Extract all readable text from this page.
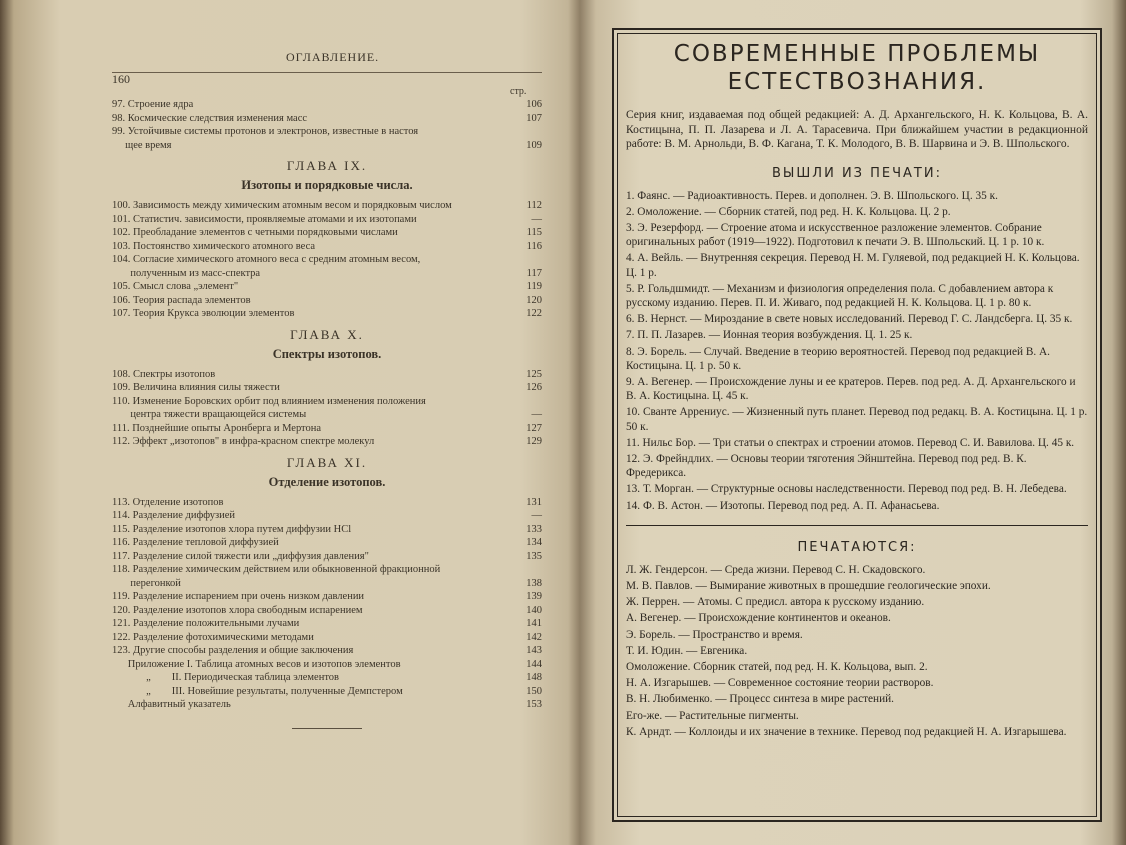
ОГЛАВЛЕНИЕ.
160
стр.
97. Строение ядра	106
98. Космические следствия изменения масс	107
99. Устойчивые системы протонов и электронов, известные в настоя
щее время	109
ГЛАВА IX.
Изотопы и порядковые числа.
100. Зависимость между химическим атомным весом и порядковым числом	112
101. Статистич. зависимости, проявляемые атомами и их изотопами	—
102. Преобладание элементов с четными порядковыми числами	115
103. Постоянство химического атомного веса	116
104. Согласие химического атомного веса с средним атомным весом,
полученным из масс-спектра	117
105. Смысл слова „элемент"	119
106. Теория распада элементов	120
107. Теория Крукса эволюции элементов	122
ГЛАВА X.
Спектры изотопов.
108. Спектры изотопов	125
109. Величина влияния силы тяжести	126
110. Изменение Боровских орбит под влиянием изменения положения
центра тяжести вращающейся системы	—
111. Позднейшие опыты Аронберга и Мертона	127
112. Эффект „изотопов" в инфра-красном спектре молекул	129
ГЛАВА XI.
Отделение изотопов.
113. Отделение изотопов	131
114. Разделение диффузией	—
115. Разделение изотопов хлора путем диффузии HCl	133
116. Разделение тепловой диффузией	134
117. Разделение силой тяжести или „диффузия давления"	135
118. Разделение химическим действием или обыкновенной фракционной
перегонкой	138
119. Разделение испарением при очень низком давлении	139
120. Разделение изотопов хлора свободным испарением	140
121. Разделение положительными лучами	141
122. Разделение фотохимическими методами	142
123. Другие способы разделения и общие заключения	143
Приложение I. Таблица атомных весов и изотопов элементов	144
„        II. Периодическая таблица элементов	148
„        III. Новейшие результаты, полученные Демпстером	150
Алфавитный указатель	153
СОВРЕМЕННЫЕ ПРОБЛЕМЫ
ЕСТЕСТВОЗНАНИЯ.
Серия книг, издаваемая под общей редакцией: А. Д. Архангельского, Н. К. Кольцова, В. А. Костицына, П. П. Лазарева и Л. А. Тарасевича. При ближайшем участии в редакционной работе: В. М. Арнольди, В. Ф. Кагана, Т. К. Молодого, В. В. Шарвина и Э. В. Шпольского.
ВЫШЛИ ИЗ ПЕЧАТИ:
1. Фаянс. — Радиоактивность. Перев. и дополнен. Э. В. Шпольского. Ц. 35 к.
2. Омоложение. — Сборник статей, под ред. Н. К. Кольцова. Ц. 2 р.
3. Э. Резерфорд. — Строение атома и искусственное разложение элементов. Собрание оригинальных работ (1919—1922). Подготовил к печати Э. В. Шпольский. Ц. 1 р. 10 к.
4. А. Вейль. — Внутренняя секреция. Перевод Н. М. Гуляевой, под редакцией Н. К. Кольцова. Ц. 1 р.
5. Р. Гольдшмидт. — Механизм и физиология определения пола. С добавлением автора к русскому изданию. Перев. П. И. Живаго, под редакцией Н. К. Кольцова. Ц. 1 р. 80 к.
6. В. Нернст. — Мироздание в свете новых исследований. Перевод Г. С. Ландсберга. Ц. 35 к.
7. П. П. Лазарев. — Ионная теория возбуждения. Ц. 1. 25 к.
8. Э. Борель. — Случай. Введение в теорию вероятностей. Перевод под редакцией В. А. Костицына. Ц. 1 р. 50 к.
9. А. Вегенер. — Происхождение луны и ее кратеров. Перев. под ред. А. Д. Архангельского и В. А. Костицына. Ц. 45 к.
10. Сванте Аррениус. — Жизненный путь планет. Перевод под редакц. В. А. Костицына. Ц. 1 р. 50 к.
11. Нильс Бор. — Три статьи о спектрах и строении атомов. Перевод С. И. Вавилова. Ц. 45 к.
12. Э. Фрейндлих. — Основы теории тяготения Эйнштейна. Перевод под ред. В. К. Фредерикса.
13. Т. Морган. — Структурные основы наследственности. Перевод под ред. В. Н. Лебедева.
14. Ф. В. Астон. — Изотопы. Перевод под ред. А. П. Афанасьева.
ПЕЧАТАЮТСЯ:
Л. Ж. Гендерсон. — Среда жизни. Перевод С. Н. Скадовского.
М. В. Павлов. — Вымирание животных в прошедшие геологические эпохи.
Ж. Перрен. — Атомы. С предисл. автора к русскому изданию.
А. Вегенер. — Происхождение континентов и океанов.
Э. Борель. — Пространство и время.
Т. И. Юдин. — Евгеника.
Омоложение. Сборник статей, под ред. Н. К. Кольцова, вып. 2.
Н. А. Изгарышев. — Современное состояние теории растворов.
В. Н. Любименко. — Процесс синтеза в мире растений.
Его-же. — Растительные пигменты.
К. Арндт. — Коллоиды и их значение в технике. Перевод под редакцией Н. А. Изгарышева.
